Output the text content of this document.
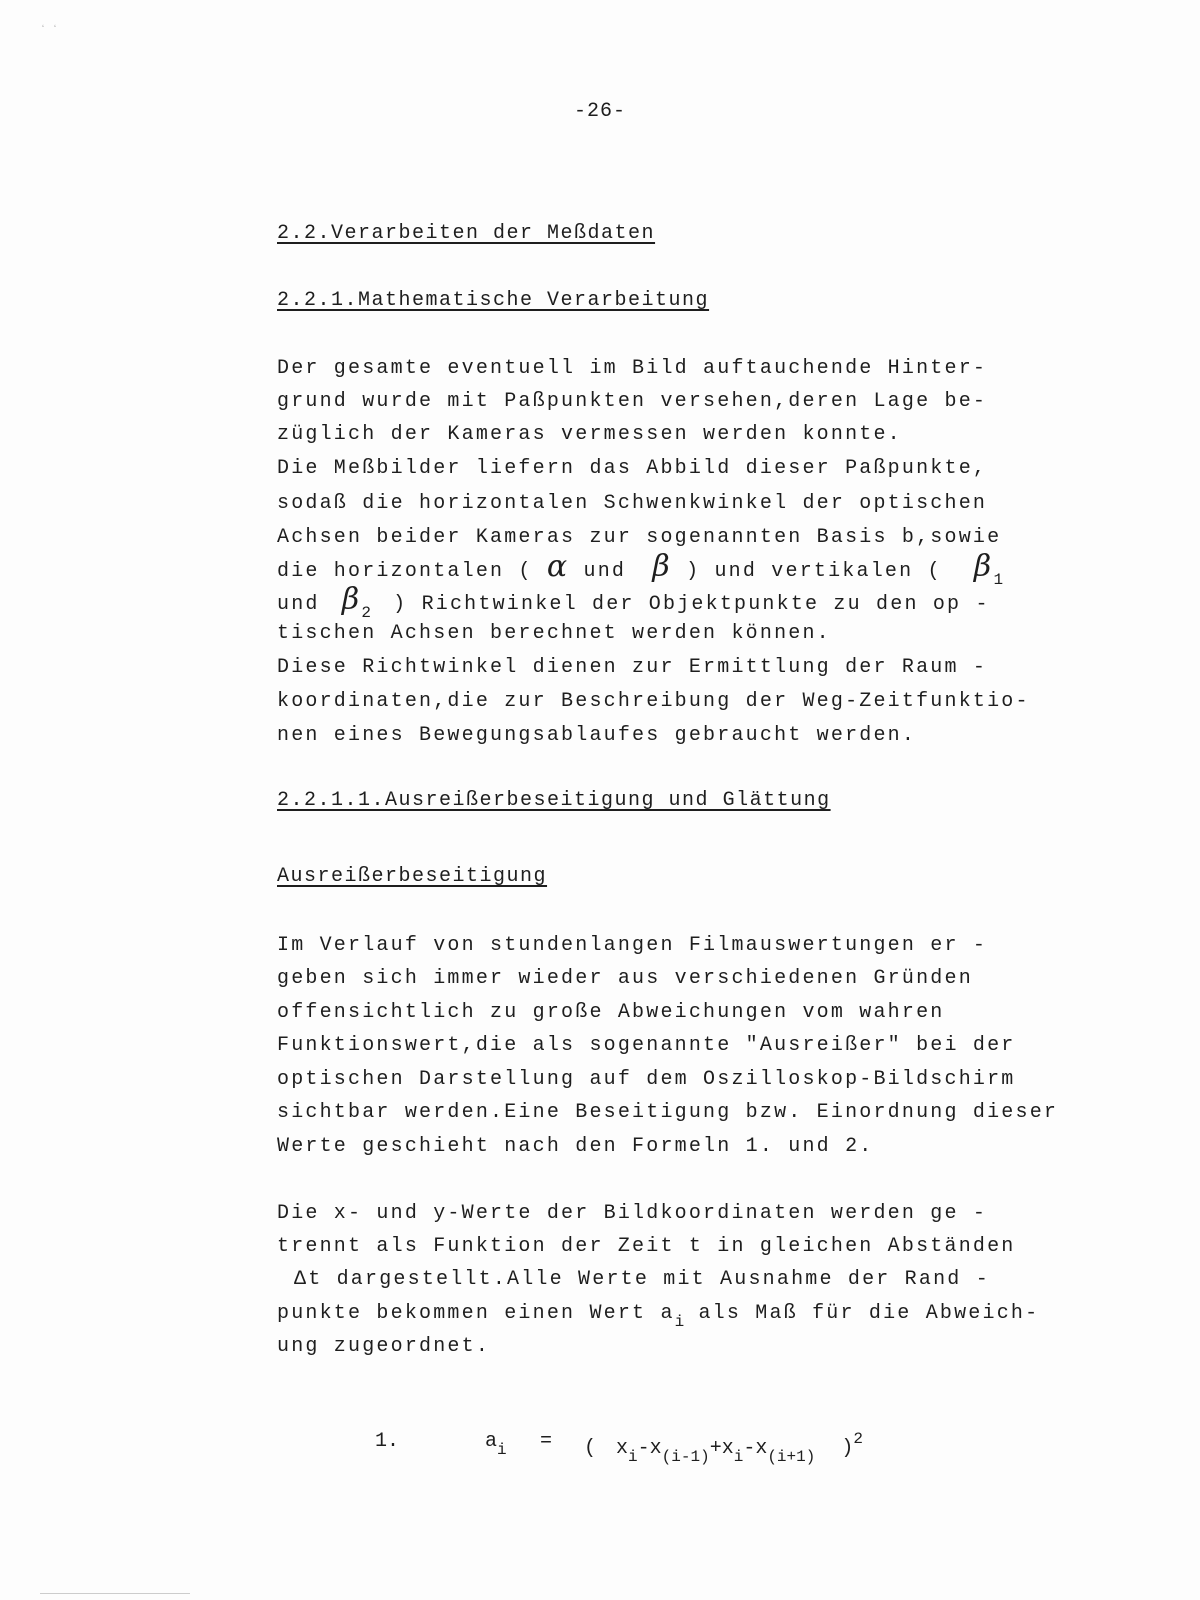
ʻ ʻ
-26-
2.2.Verarbeiten der Meßdaten
2.2.1.Mathematische Verarbeitung
Der gesamte eventuell im Bild auftauchende Hinter-
grund wurde mit Paßpunkten versehen,deren Lage be-
züglich der Kameras vermessen werden konnte.
Die Meßbilder liefern das Abbild dieser Paßpunkte,
sodaß die horizontalen Schwenkwinkel der optischen
Achsen beider Kameras zur sogenannten Basis b,sowie
die horizontalen ( α und β ) und vertikalen ( $\beta_1$
und $\beta_2$ ) Richtwinkel der Objektpunkte zu den op -
tischen Achsen berechnet werden können.
Diese Richtwinkel dienen zur Ermittlung der Raum -
koordinaten,die zur Beschreibung der Weg-Zeitfunktio-
nen eines Bewegungsablaufes gebraucht werden.
2.2.1.1.Ausreißerbeseitigung und Glättung
Ausreißerbeseitigung
Im Verlauf von stundenlangen Filmauswertungen er -
geben sich immer wieder aus verschiedenen Gründen
offensichtlich zu große Abweichungen vom wahren
Funktionswert,die als sogenannte "Ausreißer" bei der
optischen Darstellung auf dem Oszilloskop-Bildschirm
sichtbar werden.Eine Beseitigung bzw. Einordnung dieser
Werte geschieht nach den Formeln 1. und 2.
Die x- und y-Werte der Bildkoordinaten werden ge -
trennt als Funktion der Zeit t in gleichen Abständen
Δt dargestellt.Alle Werte mit Ausnahme der Rand -
punkte bekommen einen Wert $a_i$ als Maß für die Abweich-
ung zugeordnet.
1.	$a_i$ = ( $x_i-x_{(i-1)}+x_i-x_{(i+1)}$ )$^2$
